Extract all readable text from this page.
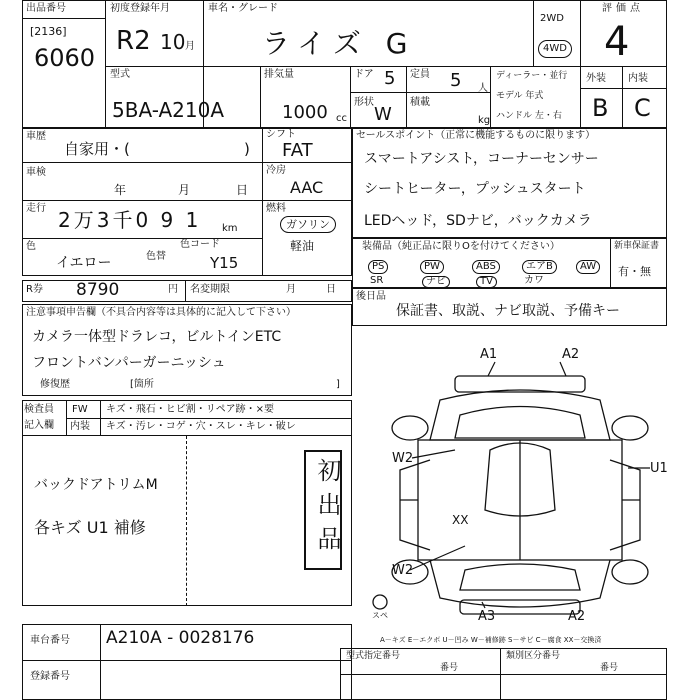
出品番号
[2136]
6060
初度登録年月
R2 10 月
車名・グレード
ライズ G
2WD
4WD
評価点
4
型式
5BA-A210A
排気量
1000 cc
ドア 5 定員 5 人
形状
W
積載
kg
ディーラー・並行
モデル 年式
ハンドル 左・右
外装 内装
B C
車歴
自家用・(	)
車検
年	月	日
走行 2万3千0 9 1 km
色
イエロー	色替
色コード
Y15
シフト
FAT
冷房
AAC
燃料
ガソリン
軽油
R券 8790	円 名変期限	月	日
セールスポイント（正常に機能するものに限ります）
スマートアシスト，コーナーセンサー
シートヒーター，プッシュスタート
LEDヘッド，SDナビ，バックカメラ
装備品（純正品に限りOを付けてください）	新車保証書
有・無
PS	PW	ABS	エアB	AW
SR	ナビ	TV	カワ
後日品
保証書、取説、ナビ取説、予備キー
注意事項申告欄（不具合内容等は具体的に記入して下さい）
カメラ一体型ドラレコ，ビルトインETC
フロントバンパーガーニッシュ
修復歴	[箇所	]
検査員
記入欄
FW キズ・飛石・ヒビ割・リペア跡・×要
内装 キズ・汚レ・コゲ・穴・スレ・キレ・破レ
バックドアトリムM
各キズ U1 補修	初出品
A1	A2
W2
U1
XX
W2
A3	A2
スペ
A－キズ E－エクボ U－凹み W－補修跡 S－サビ C－腐食 XX－交換済
車台番号 A210A - 0028176
登録番号
型式指定番号
番号
類別区分番号
番号
